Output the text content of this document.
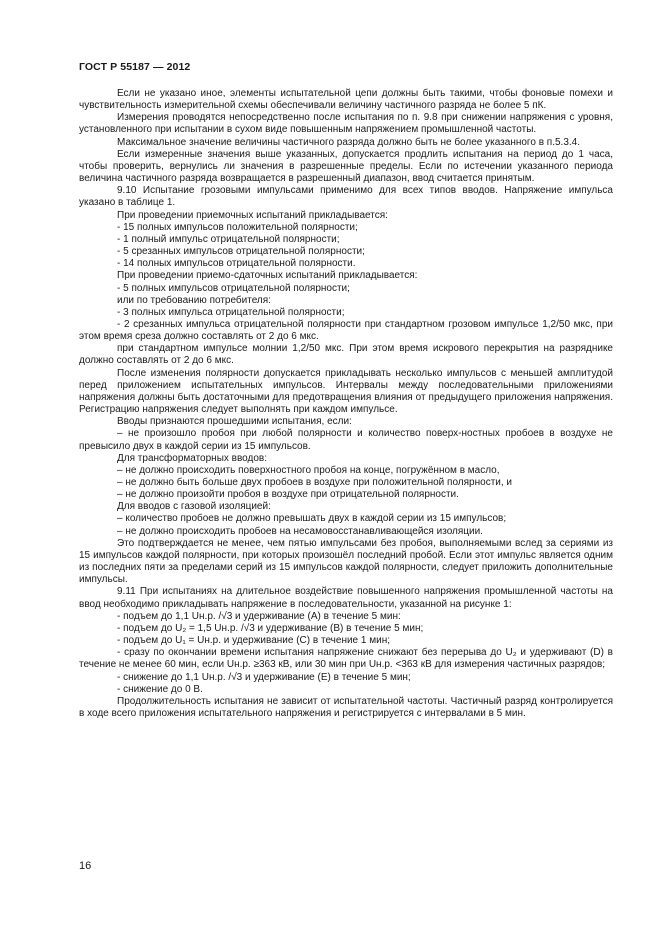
ГОСТ Р 55187 — 2012

Если не указано иное, элементы испытательной цепи должны быть такими, чтобы фоновые помехи и чувствительность измерительной схемы обеспечивали величину частичного разряда не более 5 пК.

Измерения проводятся непосредственно после испытания по п. 9.8 при снижении напряжения с уровня, установленного при испытании в сухом виде повышенным напряжением промышленной частоты.

Максимальное значение величины частичного разряда должно быть не более указанного в п.5.3.4.

Если измеренные значения выше указанных, допускается продлить испытания на период до 1 часа, чтобы проверить, вернулись ли значения в разрешенные пределы. Если по истечении указанного периода величина частичного разряда возвращается в разрешенный диапазон, ввод считается принятым.

9.10 Испытание грозовыми импульсами применимо для всех типов вводов. Напряжение импульса указано в таблице 1.

При проведении приемочных испытаний прикладывается:

- 15 полных импульсов положительной полярности;

- 1 полный импульс отрицательной полярности;

- 5 срезанных импульсов отрицательной полярности;

- 14 полных импульсов отрицательной полярности.

При проведении приемо-сдаточных испытаний прикладывается:

- 5 полных импульсов отрицательной полярности;

или по требованию потребителя:

- 3 полных импульса отрицательной полярности;

- 2 срезанных импульса отрицательной полярности при стандартном грозовом импульсе 1,2/50 мкс, при этом время среза должно составлять от 2 до 6 мкс.

при стандартном импульсе молнии 1,2/50 мкс. При этом время искрового перекрытия на разряднике должно составлять от 2 до 6 мкс.

После изменения полярности допускается прикладывать несколько импульсов с меньшей амплитудой перед приложением испытательных импульсов. Интервалы между последовательными приложениями напряжения должны быть достаточными для предотвращения влияния от предыдущего приложения напряжения. Регистрацию напряжения следует выполнять при каждом импульсе.

Вводы признаются прошедшими испытания, если:

– не произошло пробоя при любой полярности и количество поверх-ностных пробоев в воздухе не превысило двух в каждой серии из 15 импульсов.

Для трансформаторных вводов:

– не должно происходить поверхностного пробоя на конце, погружённом в масло,

– не должно быть больше двух пробоев в воздухе при положительной полярности, и

– не должно произойти пробоя в воздухе при отрицательной полярности.

Для вводов с газовой изоляцией:

– количество пробоев не должно превышать двух в каждой серии из 15 импульсов;

– не должно происходить пробоев на несамовосстанавливающейся изоляции.

Это подтверждается не менее, чем пятью импульсами без пробоя, выполняемыми вслед за сериями из 15 импульсов каждой полярности, при которых произошёл последний пробой. Если этот импульс является одним из последних пяти за пределами серий из 15 импульсов каждой полярности, следует приложить дополнительные импульсы.

9.11 При испытаниях на длительное воздействие повышенного напряжения промышленной частоты на ввод необходимо прикладывать напряжение в последовательности, указанной на рисунке 1:

- подъем до 1,1 Uн.р. /√3 и удерживание (А) в течение 5 мин:

- подъем до U₂ = 1,5 Uн.р. /√3 и удерживание (В) в течение 5 мин;

- подъем до U₁ = Uн.р. и удерживание (С) в течение 1 мин;

- сразу по окончании времени испытания напряжение снижают без перерыва до U₂ и удерживают (D) в течение не менее 60 мин, если Uн.р. ≥363 кВ, или 30 мин при Uн.р. <363 кВ для измерения частичных разрядов;

- снижение до 1,1 Uн.р. /√3 и удерживание (Е) в течение 5 мин;

- снижение до 0 В.

Продолжительность испытания не зависит от испытательной частоты. Частичный разряд контролируется в ходе всего приложения испытательного напряжения и регистрируется с интервалами в 5 мин.

16
